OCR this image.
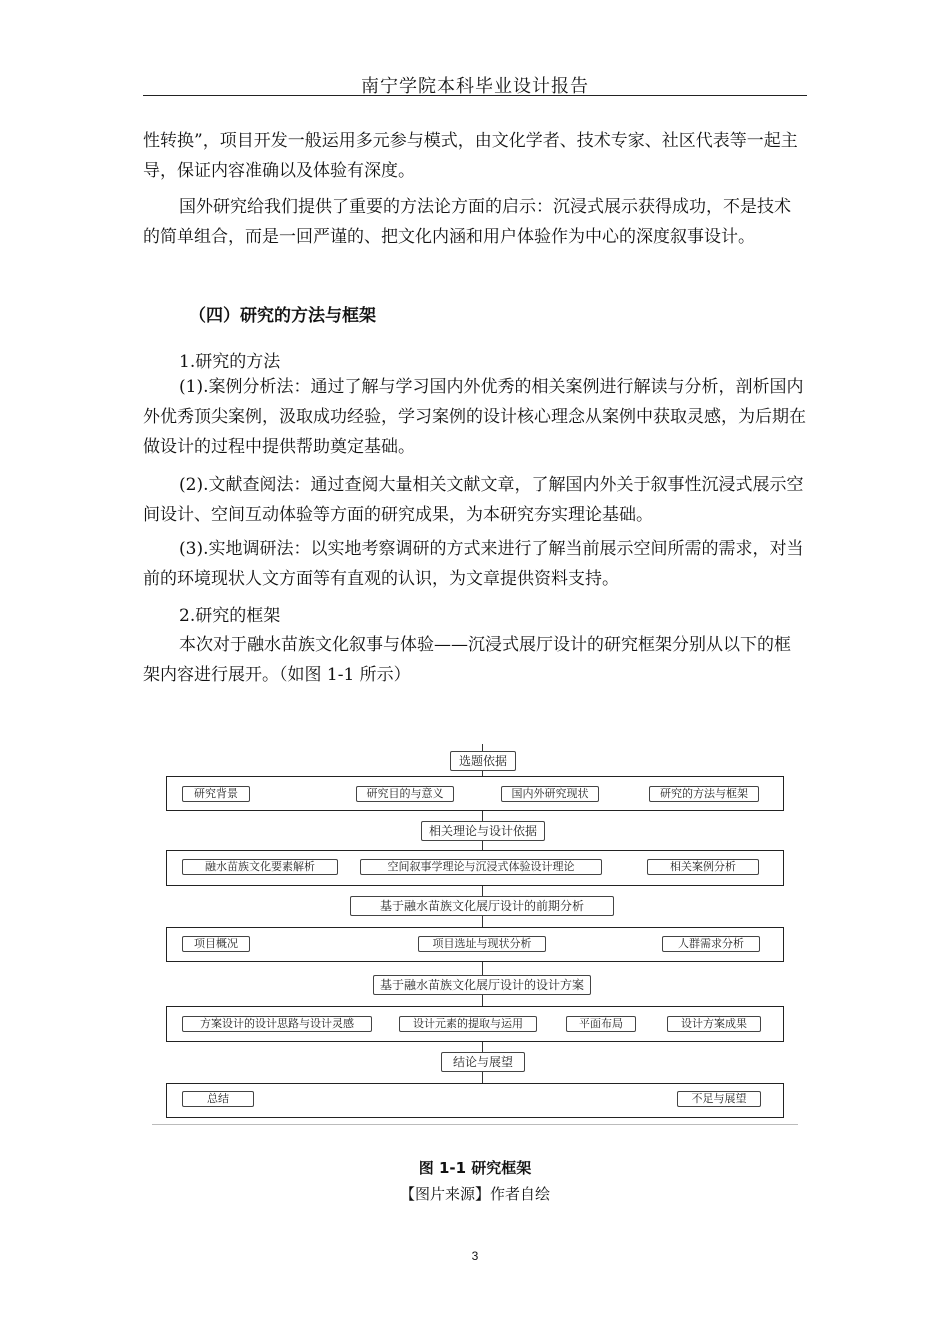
南宁学院本科毕业设计报告

性转换”，项目开发一般运用多元参与模式，由文化学者、技术专家、社区代表等一起主导，保证内容准确以及体验有深度。

国外研究给我们提供了重要的方法论方面的启示：沉浸式展示获得成功，不是技术的简单组合，而是一回严谨的、把文化内涵和用户体验作为中心的深度叙事设计。

（四）研究的方法与框架

1.研究的方法

(1).案例分析法：通过了解与学习国内外优秀的相关案例进行解读与分析，剖析国内外优秀顶尖案例，汲取成功经验，学习案例的设计核心理念从案例中获取灵感，为后期在做设计的过程中提供帮助奠定基础。

(2).文献查阅法：通过查阅大量相关文献文章，了解国内外关于叙事性沉浸式展示空间设计、空间互动体验等方面的研究成果，为本研究夯实理论基础。

(3).实地调研法：以实地考察调研的方式来进行了解当前展示空间所需的需求，对当前的环境现状人文方面等有直观的认识，为文章提供资料支持。

2.研究的框架

本次对于融水苗族文化叙事与体验——沉浸式展厅设计的研究框架分别从以下的框架内容进行展开。（如图 1-1 所示）

选题依据
相关理论与设计依据
基于融水苗族文化展厅设计的前期分析
基于融水苗族文化展厅设计的设计方案
结论与展望
研究背景	研究目的与意义	国内外研究现状	研究的方法与框架
融水苗族文化要素解析	空间叙事学理论与沉浸式体验设计理论	相关案例分析
项目概况	项目选址与现状分析	人群需求分析
方案设计的设计思路与设计灵感	设计元素的提取与运用	平面布局	设计方案成果
总结	不足与展望
图 1-1 研究框架
【图片来源】作者自绘
3
